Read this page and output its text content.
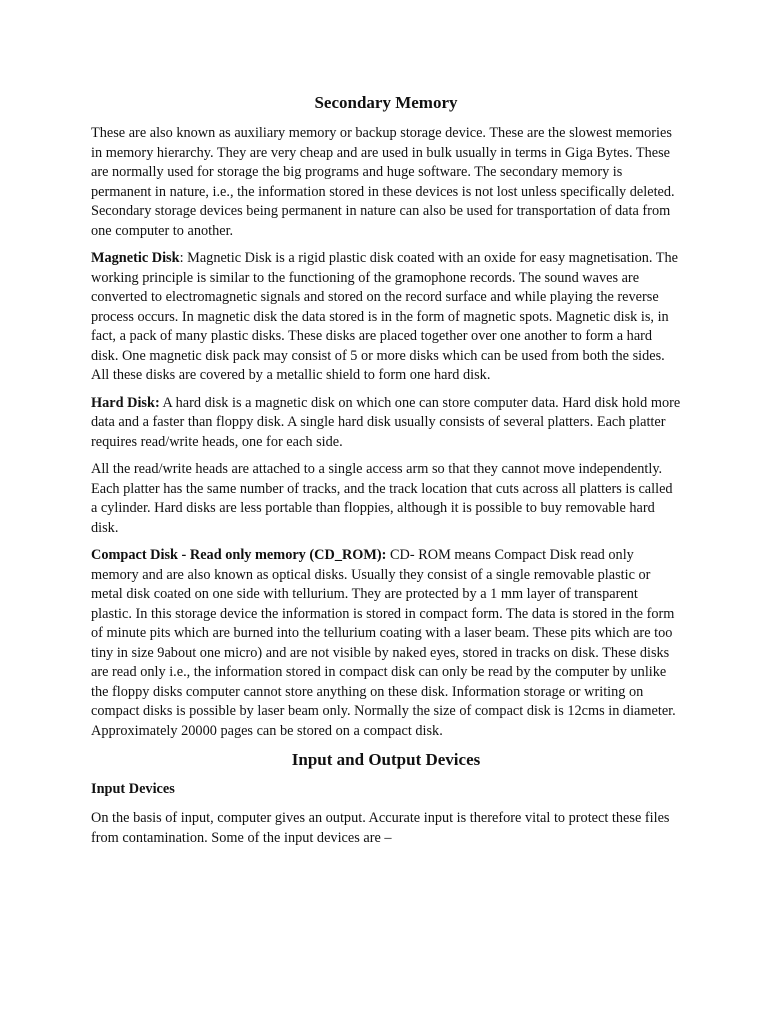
Secondary Memory

These are also known as auxiliary memory or backup storage device. These are the slowest memories in memory hierarchy. They are very cheap and are used in bulk usually in terms in Giga Bytes. These are normally used for storage the big programs and huge software. The secondary memory is permanent in nature, i.e., the information stored in these devices is not lost unless specifically deleted. Secondary storage devices being permanent in nature can also be used for transportation of data from one computer to another.

Magnetic Disk: Magnetic Disk is a rigid plastic disk coated with an oxide for easy magnetisation. The working principle is similar to the functioning of the gramophone records. The sound waves are converted to electromagnetic signals and stored on the record surface and while playing the reverse process occurs. In magnetic disk the data stored is in the form of magnetic spots. Magnetic disk is, in fact, a pack of many plastic disks. These disks are placed together over one another to form a hard disk. One magnetic disk pack may consist of 5 or more disks which can be used from both the sides. All these disks are covered by a metallic shield to form one hard disk.

Hard Disk: A hard disk is a magnetic disk on which one can store computer data. Hard disk hold more data and a faster than floppy disk. A single hard disk usually consists of several platters. Each platter requires read/write heads, one for each side.

All the read/write heads are attached to a single access arm so that they cannot move independently. Each platter has the same number of tracks, and the track location that cuts across all platters is called a cylinder. Hard disks are less portable than floppies, although it is possible to buy removable hard disk.

Compact Disk - Read only memory (CD_ROM): CD- ROM means Compact Disk read only memory and are also known as optical disks. Usually they consist of a single removable plastic or metal disk coated on one side with tellurium. They are protected by a 1 mm layer of transparent plastic. In this storage device the information is stored in compact form. The data is stored in the form of minute pits which are burned into the tellurium coating with a laser beam. These pits which are too tiny in size 9about one micro) and are not visible by naked eyes, stored in tracks on disk. These disks are read only i.e., the information stored in compact disk can only be read by the computer by unlike the floppy disks computer cannot store anything on these disk. Information storage or writing on compact disks is possible by laser beam only. Normally the size of compact disk is 12cms in diameter. Approximately 20000 pages can be stored on a compact disk.

Input and Output Devices
Input Devices

On the basis of input, computer gives an output. Accurate input is therefore vital to protect these files from contamination. Some of the input devices are –
